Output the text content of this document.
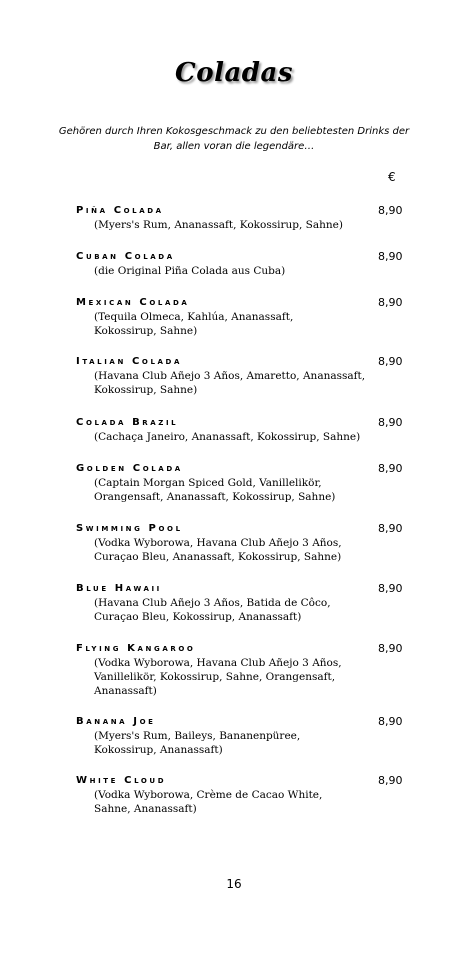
Coladas
Gehören durch Ihren Kokosgeschmack zu den beliebtesten Drinks der Bar, allen voran die legendäre…
€
Piña Colada	8,90
(Myers's Rum, Ananassaft, Kokossirup, Sahne)
Cuban Colada	8,90
(die Original Piña Colada aus Cuba)
Mexican Colada	8,90
(Tequila Olmeca, Kahlúa, Ananassaft, Kokossirup, Sahne)
Italian Colada	8,90
(Havana Club Añejo 3 Años, Amaretto, Ananassaft, Kokossirup, Sahne)
Colada Brazil	8,90
(Cachaça Janeiro, Ananassaft, Kokossirup, Sahne)
Golden Colada	8,90
(Captain Morgan Spiced Gold, Vanillelikör, Orangensaft, Ananassaft, Kokossirup, Sahne)
Swimming Pool	8,90
(Vodka Wyborowa, Havana Club Añejo 3 Años, Curaçao Bleu, Ananassaft, Kokossirup, Sahne)
Blue Hawaii	8,90
(Havana Club Añejo 3 Años, Batida de Côco, Curaçao Bleu, Kokossirup, Ananassaft)
Flying Kangaroo	8,90
(Vodka Wyborowa, Havana Club Añejo 3 Años, Vanillelikör, Kokossirup, Sahne, Orangensaft, Ananassaft)
Banana Joe	8,90
(Myers's Rum, Baileys, Bananenpüree, Kokossirup, Ananassaft)
White Cloud	8,90
(Vodka Wyborowa, Crème de Cacao White, Sahne, Ananassaft)
16
